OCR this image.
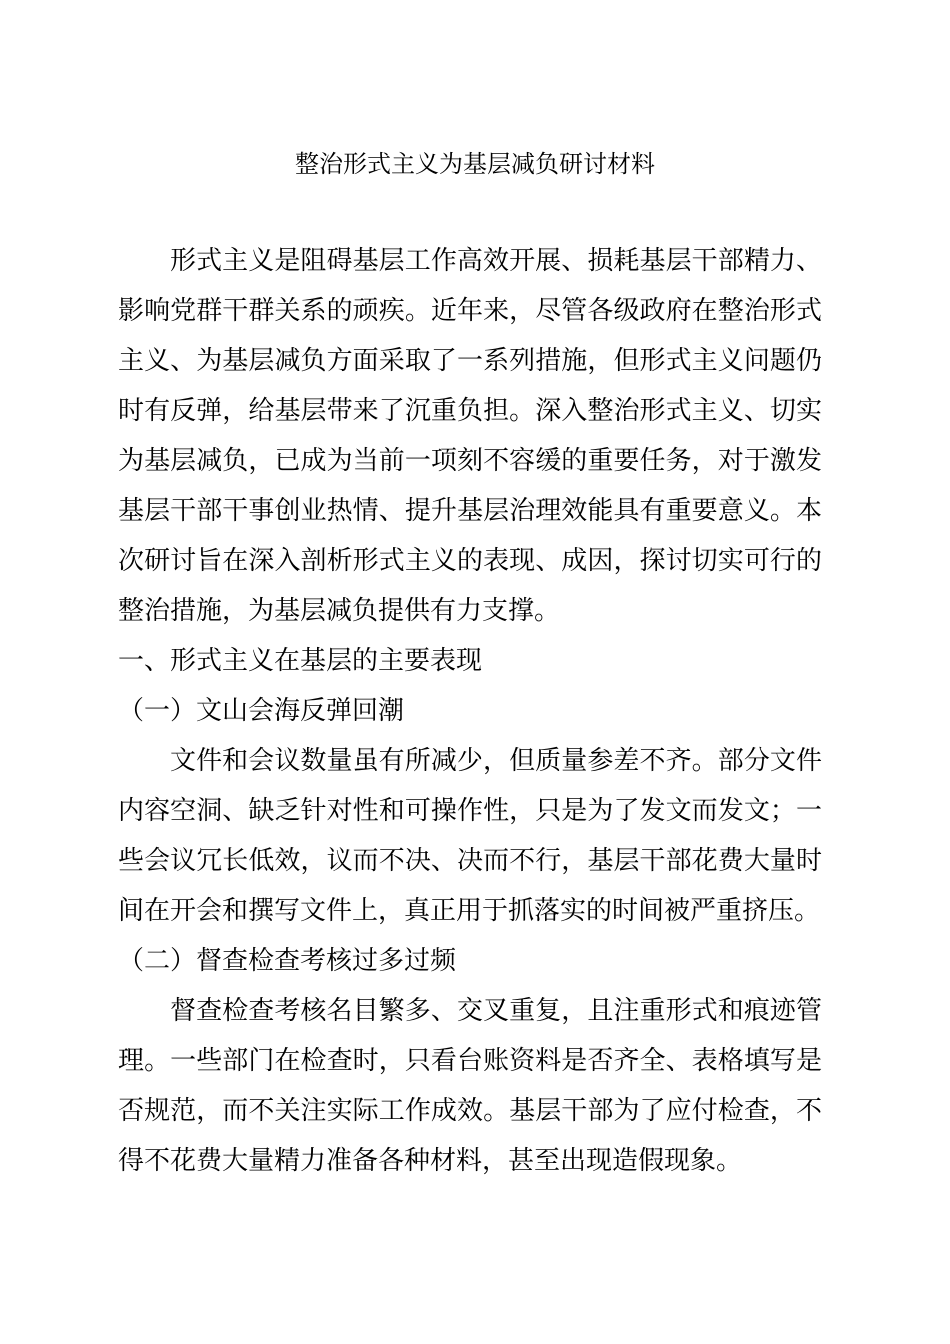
整治形式主义为基层减负研讨材料

形式主义是阻碍基层工作高效开展、损耗基层干部精力、影响党群干群关系的顽疾。近年来，尽管各级政府在整治形式主义、为基层减负方面采取了一系列措施，但形式主义问题仍时有反弹，给基层带来了沉重负担。深入整治形式主义、切实为基层减负，已成为当前一项刻不容缓的重要任务，对于激发基层干部干事创业热情、提升基层治理效能具有重要意义。本次研讨旨在深入剖析形式主义的表现、成因，探讨切实可行的整治措施，为基层减负提供有力支撑。

一、形式主义在基层的主要表现

（一）文山会海反弹回潮

文件和会议数量虽有所减少，但质量参差不齐。部分文件内容空洞、缺乏针对性和可操作性，只是为了发文而发文；一些会议冗长低效，议而不决、决而不行，基层干部花费大量时间在开会和撰写文件上，真正用于抓落实的时间被严重挤压。

（二）督查检查考核过多过频

督查检查考核名目繁多、交叉重复，且注重形式和痕迹管理。一些部门在检查时，只看台账资料是否齐全、表格填写是否规范，而不关注实际工作成效。基层干部为了应付检查，不得不花费大量精力准备各种材料，甚至出现造假现象。
